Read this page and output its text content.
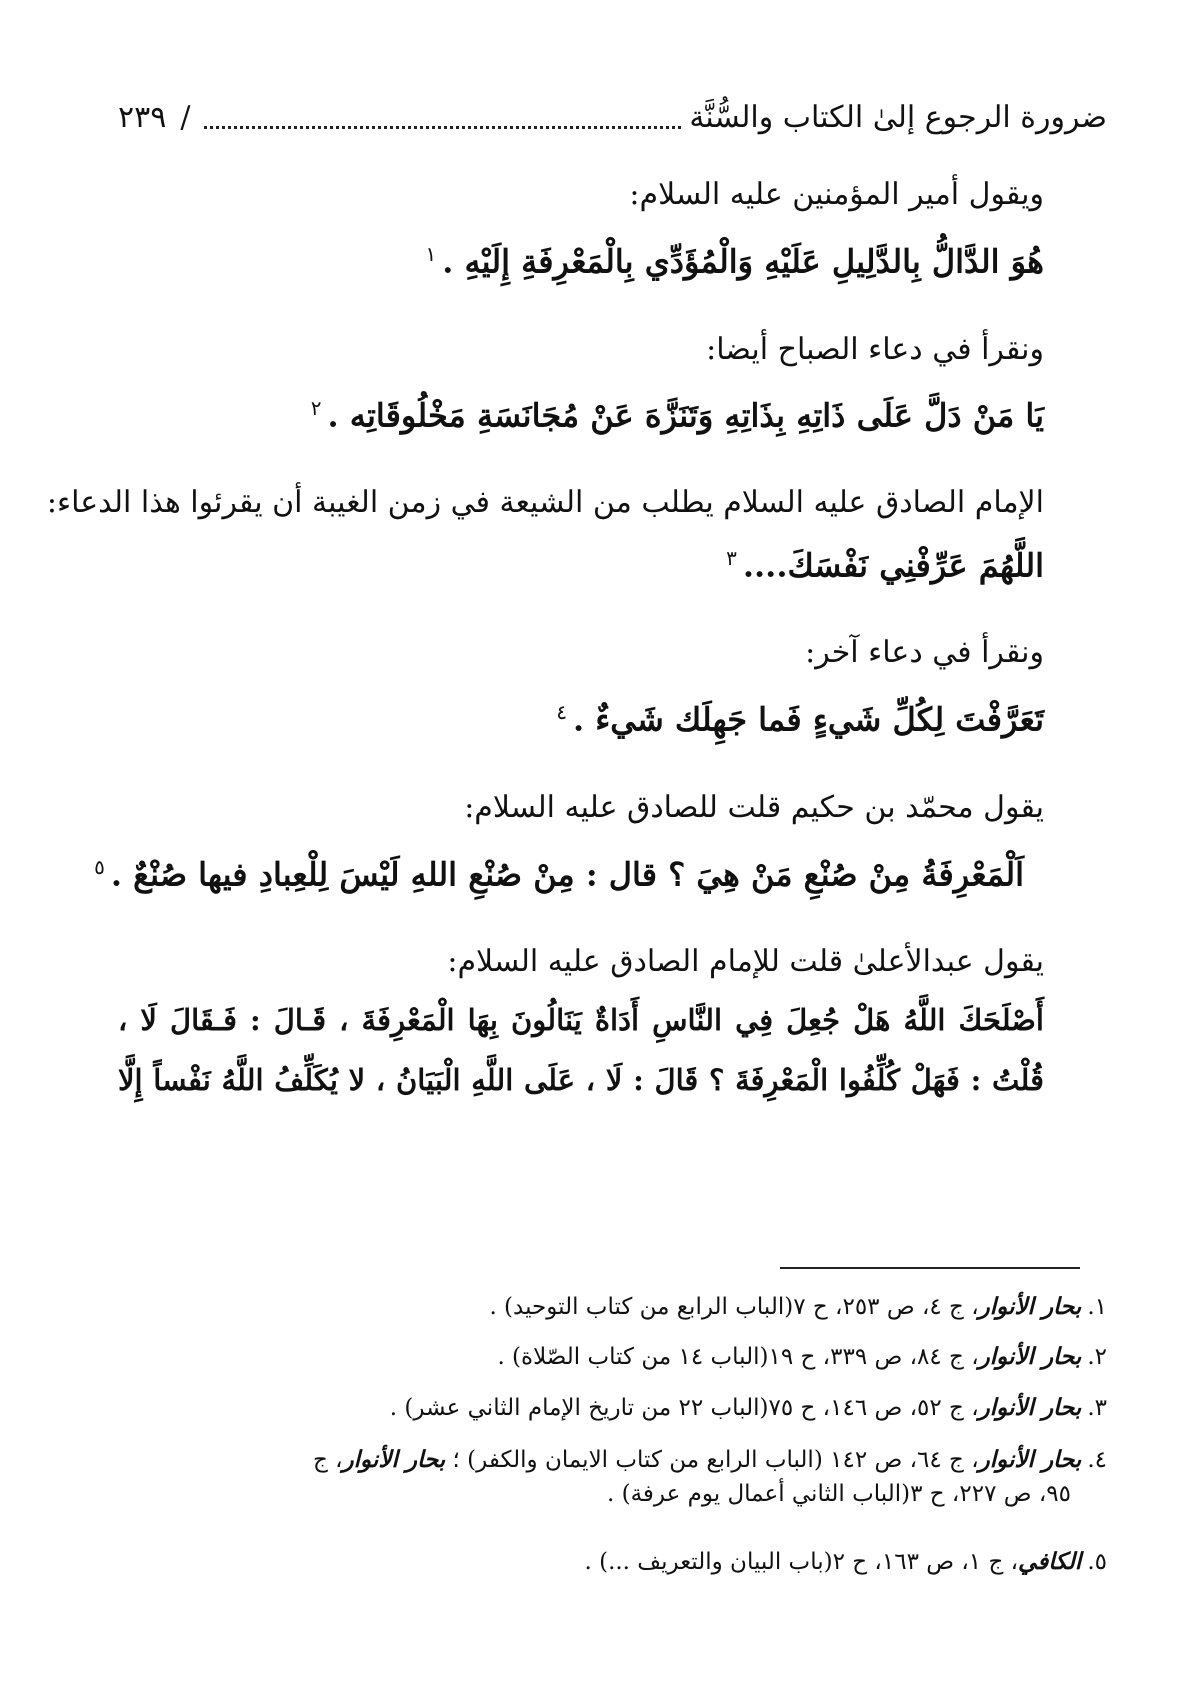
ضرورة الرجوع إلىٰ الكتاب والسُّنَّة
/
٢٣٩
ويقول أمير المؤمنين عليه السلام:
هُوَ الدَّالُّ بِالدَّلِيلِ عَلَيْهِ وَالْمُؤَدِّي بِالْمَعْرِفَةِ إِلَيْهِ .$^١$
ونقرأ في دعاء الصباح أيضا:
يَا مَنْ دَلَّ عَلَى ذَاتِهِ بِذَاتِهِ وَتَنَزَّهَ عَنْ مُجَانَسَةِ مَخْلُوقَاتِه .$^٢$
الإمام الصادق عليه السلام يطلب من الشيعة في زمن الغيبة أن يقرئوا هذا الدعاء:
اللَّهُمَ عَرِّفْنِي نَفْسَكَ....$^٣$
ونقرأ في دعاء آخر:
تَعَرَّفْتَ لِكُلِّ شَيءٍ فَما جَهِلَك شَيءٌ .$^٤$
يقول محمّد بن حكيم قلت للصادق عليه السلام:
اَلْمَعْرِفَةُ مِنْ صُنْعِ مَنْ هِيَ ؟ قال : مِنْ صُنْعِ اللهِ لَيْسَ لِلْعِبادِ فيها صُنْعٌ .$^٥$
يقول عبدالأعلىٰ قلت للإمام الصادق عليه السلام:
أَصْلَحَكَ اللَّهُ هَلْ جُعِلَ فِي النَّاسِ أَدَاةٌ يَنَالُونَ بِهَا الْمَعْرِفَةَ ، قَـالَ : فَـقَالَ لَا ،
قُلْتُ : فَهَلْ كُلِّفُوا الْمَعْرِفَةَ ؟ قَالَ : لَا ، عَلَى اللَّهِ الْبَيَانُ ، لا يُكَلِّفُ اللَّهُ نَفْساً إِلَّا
١.بحار الأنوار، ج ٤، ص ٢٥٣، ح ٧(الباب الرابع من كتاب التوحيد) .
٢.بحار الأنوار، ج ٨٤، ص ٣٣٩، ح ١٩(الباب ١٤ من كتاب الصّلاة) .
٣.بحار الأنوار، ج ٥٢، ص ١٤٦، ح ٧٥(الباب ٢٢ من تاريخ الإمام الثاني عشر) .
٤.بحار الأنوار، ج ٦٤، ص ١٤٢ (الباب الرابع من كتاب الايمان والكفر) ؛ بحار الأنوار، ج
٩٥، ص ٢٢٧، ح ٣(الباب الثاني أعمال يوم عرفة) .
٥.الكافي، ج ١، ص ١٦٣، ح ٢(باب البيان والتعريف ...) .
